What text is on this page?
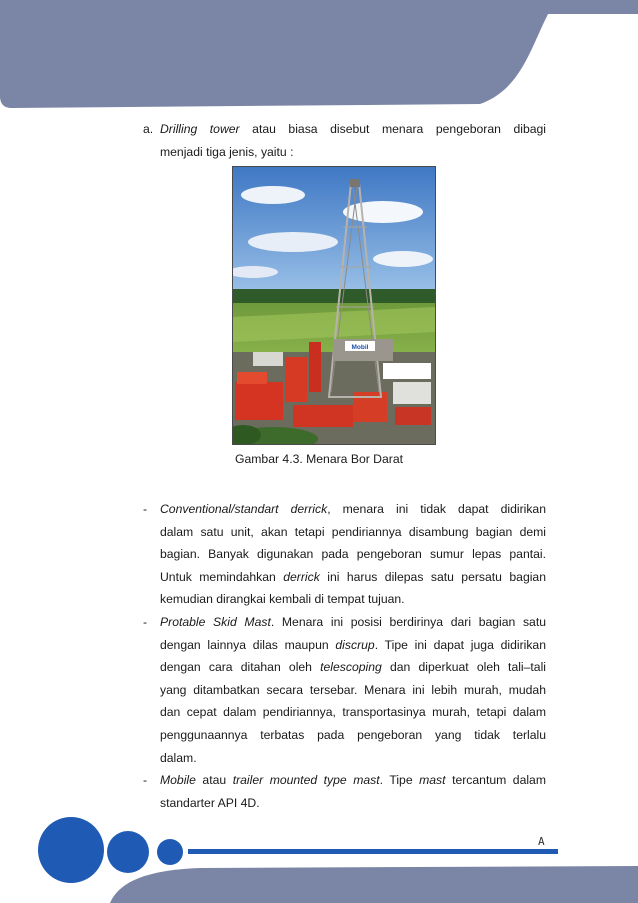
a. Drilling tower atau biasa disebut menara pengeboran dibagi
menjadi tiga jenis, yaitu :
Mobil
Gambar 4.3. Menara Bor Darat
- Conventional/standart derrick, menara ini tidak dapat didirikan
dalam satu unit, akan tetapi pendiriannya disambung bagian demi
bagian. Banyak digunakan pada pengeboran sumur lepas pantai.
Untuk memindahkan derrick ini harus dilepas satu persatu bagian
kemudian dirangkai kembali di tempat tujuan.
- Protable Skid Mast. Menara ini posisi berdirinya dari bagian satu
dengan lainnya dilas maupun discrup. Tipe ini dapat juga didirikan
dengan cara ditahan oleh telescoping dan diperkuat oleh tali–tali
yang ditambatkan secara tersebar. Menara ini lebih murah, mudah
dan cepat dalam pendiriannya, transportasinya murah, tetapi dalam
penggunaannya terbatas pada pengeboran yang tidak terlalu
dalam.
- Mobile atau trailer mounted type mast. Tipe mast tercantum dalam
standarter API 4D.
A
